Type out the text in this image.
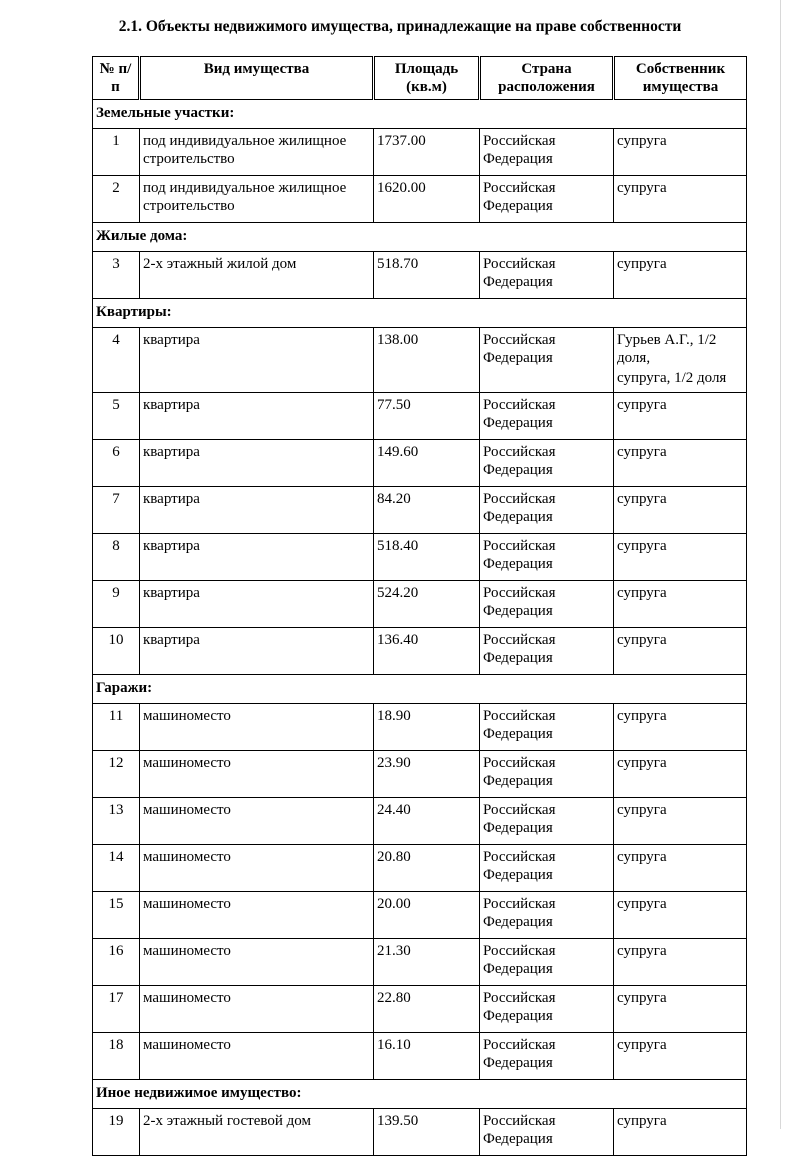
2.1. Объекты недвижимого имущества, принадлежащие на праве собственности
№ п/п	Вид имущества	Площадь (кв.м)	Страна расположения	Собственник имущества
Земельные участки:				
1	под индивидуальное жилищное строительство	1737.00	Российская Федерация	супруга

2	под индивидуальное жилищное строительство	1620.00	Российская Федерация	супруга

Жилые дома:				
3	2-х этажный жилой дом	518.70	Российская Федерация	супруга

Квартиры:				
4	квартира	138.00	Российская Федерация	Гурьев А.Г., 1/2 доля,
супруга, 1/2 доля

5	квартира	77.50	Российская Федерация	супруга

6	квартира	149.60	Российская Федерация	супруга

7	квартира	84.20	Российская Федерация	супруга

8	квартира	518.40	Российская Федерация	супруга

9	квартира	524.20	Российская Федерация	супруга

10	квартира	136.40	Российская Федерация	супруга

Гаражи:				
11	машиноместо	18.90	Российская Федерация	супруга

12	машиноместо	23.90	Российская Федерация	супруга

13	машиноместо	24.40	Российская Федерация	супруга

14	машиноместо	20.80	Российская Федерация	супруга

15	машиноместо	20.00	Российская Федерация	супруга

16	машиноместо	21.30	Российская Федерация	супруга

17	машиноместо	22.80	Российская Федерация	супруга

18	машиноместо	16.10	Российская Федерация	супруга

Иное недвижимое имущество:				
19	2-х этажный гостевой дом	139.50	Российская Федерация	супруга
